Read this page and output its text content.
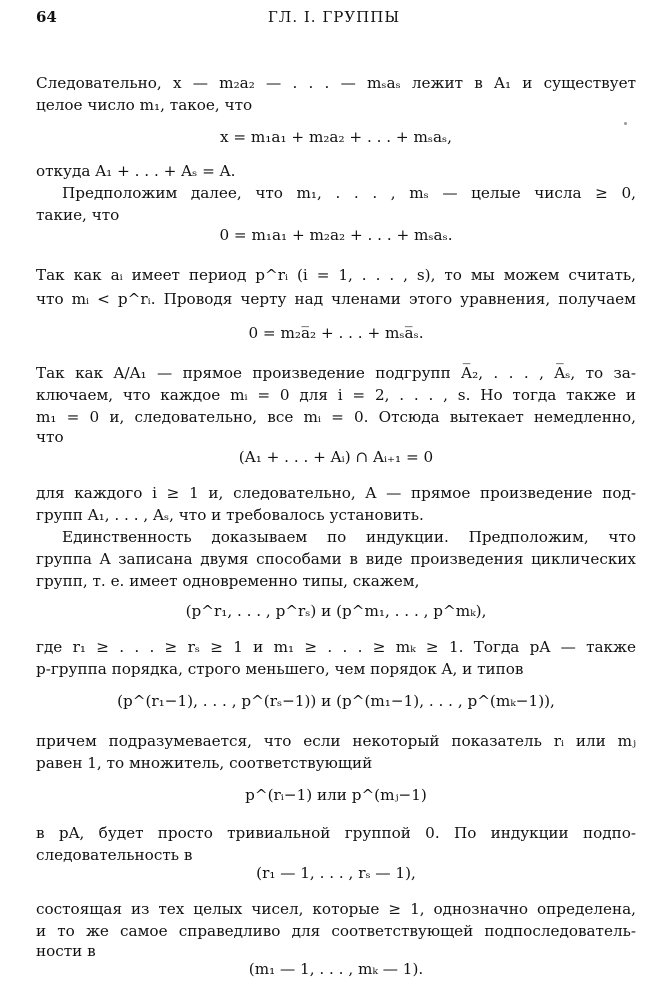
64	ГЛ. I. ГРУППЫ
Следовательно, x — m₂a₂ — . . . — mₛaₛ лежит в A₁ и существует
целое число m₁, такое, что
x = m₁a₁ + m₂a₂ + . . . + mₛaₛ,
откуда A₁ + . . . + Aₛ = A.
Предположим далее, что m₁, . . . , mₛ — целые числа ≥ 0,
такие, что
0 = m₁a₁ + m₂a₂ + . . . + mₛaₛ.
Так как aᵢ имеет период p^rᵢ (i = 1, . . . , s), то мы можем считать,
что mᵢ < p^rᵢ. Проводя черту над членами этого уравнения, получаем
0 = m₂a̅₂ + . . . + mₛa̅ₛ.
Так как A/A₁ — прямое произведение подгрупп A̅₂, . . . , A̅ₛ, то за-
ключаем, что каждое mᵢ = 0 для i = 2, . . . , s. Но тогда также и
m₁ = 0 и, следовательно, все mᵢ = 0. Отсюда вытекает немедленно,
что
(A₁ + . . . + Aᵢ) ∩ Aᵢ₊₁ = 0
для каждого i ≥ 1 и, следовательно, A — прямое произведение под-
групп A₁, . . . , Aₛ, что и требовалось установить.
Единственность доказываем по индукции. Предположим, что
группа A записана двумя способами в виде произведения циклических
групп, т. е. имеет одновременно типы, скажем,
(p^r₁, . . . , p^rₛ) и (p^m₁, . . . , p^mₖ),
где r₁ ≥ . . . ≥ rₛ ≥ 1 и m₁ ≥ . . . ≥ mₖ ≥ 1. Тогда pA — также
p-группа порядка, строго меньшего, чем порядок A, и типов
(p^(r₁−1), . . . , p^(rₛ−1)) и (p^(m₁−1), . . . , p^(mₖ−1)),
причем подразумевается, что если некоторый показатель rᵢ или mⱼ
равен 1, то множитель, соответствующий
p^(rᵢ−1) или p^(mⱼ−1)
в pA, будет просто тривиальной группой 0. По индукции подпо-
следовательность в
(r₁ — 1, . . . , rₛ — 1),
состоящая из тех целых чисел, которые ≥ 1, однозначно определена,
и то же самое справедливо для соответствующей подпоследователь-
ности в
(m₁ — 1, . . . , mₖ — 1).
